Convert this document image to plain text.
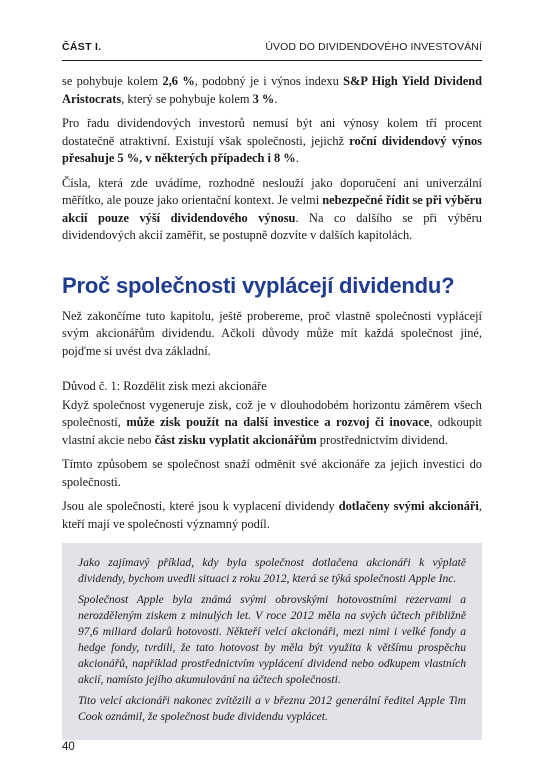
ČÁST I.	ÚVOD DO DIVIDENDOVÉHO INVESTOVÁNÍ

se pohybuje kolem 2,6 %, podobný je i výnos indexu S&P High Yield Dividend Aristocrats, který se pohybuje kolem 3 %.

Pro řadu dividendových investorů nemusí být ani výnosy kolem tří procent dostatečně atraktivní. Existují však společnosti, jejichž roční dividendový výnos přesahuje 5 %, v některých případech i 8 %.

Čísla, která zde uvádíme, rozhodně neslouží jako doporučení ani univerzální měřítko, ale pouze jako orientační kontext. Je velmi nebezpečné řídit se při výběru akcií pouze výší dividendového výnosu. Na co dalšího se při výběru dividendových akcií zaměřit, se postupně dozvíte v dalších kapitolách.

Proč společnosti vyplácejí dividendu?

Než zakončíme tuto kapitolu, ještě probereme, proč vlastně společnosti vyplácejí svým akcionářům dividendu. Ačkoli důvody může mít každá společnost jiné, pojďme si uvést dva základní.

Důvod č. 1: Rozdělit zisk mezi akcionáře

Když společnost vygeneruje zisk, což je v dlouhodobém horizontu záměrem všech společností, může zisk použít na další investice a rozvoj či inovace, odkoupit vlastní akcie nebo část zisku vyplatit akcionářům prostřednictvím dividend.

Tímto způsobem se společnost snaží odměnit své akcionáře za jejich investici do společnosti.

Jsou ale společnosti, které jsou k vyplacení dividendy dotlačeny svými akcionáři, kteří mají ve společnosti významný podíl.

Jako zajímavý příklad, kdy byla společnost dotlačena akcionáři k výplatě dividendy, bychom uvedli situaci z roku 2012, která se týká společnosti Apple Inc.

Společnost Apple byla známá svými obrovskými hotovostními rezervami a nerozděleným ziskem z minulých let. V roce 2012 měla na svých účtech přibližně 97,6 miliard dolarů hotovosti. Někteří velcí akcionáři, mezi nimi i velké fondy a hedge fondy, tvrdili, že tato hotovost by měla být využita k většímu prospěchu akcionářů, například prostřednictvím vyplácení dividend nebo odkupem vlastních akcií, namísto jejího akumulování na účtech společnosti.

Tito velcí akcionáři nakonec zvítězili a v březnu 2012 generální ředitel Apple Tim Cook oznámil, že společnost bude dividendu vyplácet.

40
